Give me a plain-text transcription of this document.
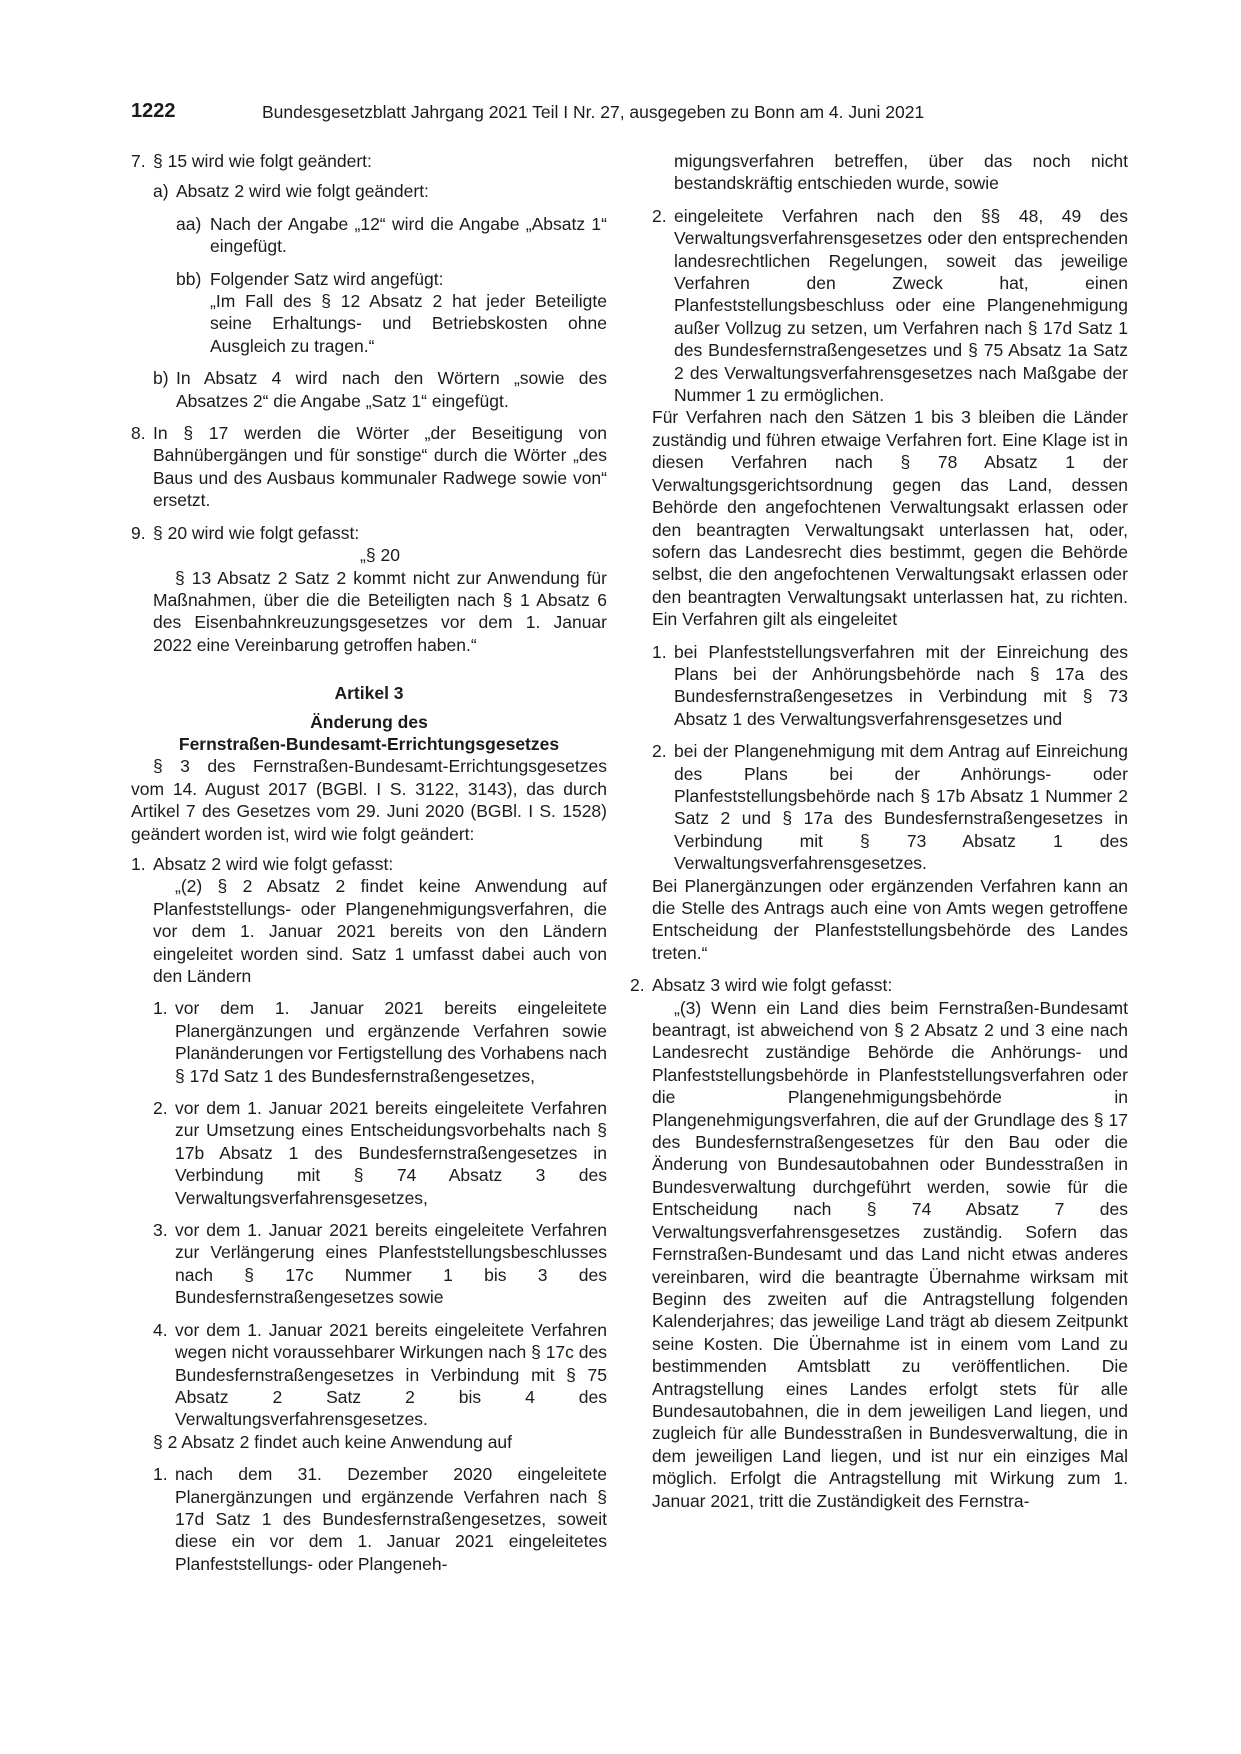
1222	Bundesgesetzblatt Jahrgang 2021 Teil I Nr. 27, ausgegeben zu Bonn am 4. Juni 2021
7. § 15 wird wie folgt geändert:

a) Absatz 2 wird wie folgt geändert:

aa) Nach der Angabe „12“ wird die Angabe „Absatz 1“ eingefügt.

bb) Folgender Satz wird angefügt:

„Im Fall des § 12 Absatz 2 hat jeder Beteiligte seine Erhaltungs- und Betriebskosten ohne Ausgleich zu tragen.“

b) In Absatz 4 wird nach den Wörtern „sowie des Absatzes 2“ die Angabe „Satz 1“ eingefügt.

8. In § 17 werden die Wörter „der Beseitigung von Bahnübergängen und für sonstige“ durch die Wörter „des Baus und des Ausbaus kommunaler Radwege sowie von“ ersetzt.

9. § 20 wird wie folgt gefasst:

„§ 20

§ 13 Absatz 2 Satz 2 kommt nicht zur Anwendung für Maßnahmen, über die die Beteiligten nach § 1 Absatz 6 des Eisenbahnkreuzungsgesetzes vor dem 1. Januar 2022 eine Vereinbarung getroffen haben.“

Artikel 3
Änderung des
Fernstraßen-Bundesamt-Errichtungsgesetzes

§ 3 des Fernstraßen-Bundesamt-Errichtungsgesetzes vom 14. August 2017 (BGBl. I S. 3122, 3143), das durch Artikel 7 des Gesetzes vom 29. Juni 2020 (BGBl. I S. 1528) geändert worden ist, wird wie folgt geändert:

1. Absatz 2 wird wie folgt gefasst:

„(2) § 2 Absatz 2 findet keine Anwendung auf Planfeststellungs- oder Plangenehmigungsverfahren, die vor dem 1. Januar 2021 bereits von den Ländern eingeleitet worden sind. Satz 1 umfasst dabei auch von den Ländern

1. vor dem 1. Januar 2021 bereits eingeleitete Planergänzungen und ergänzende Verfahren sowie Planänderungen vor Fertigstellung des Vorhabens nach § 17d Satz 1 des Bundesfernstraßengesetzes,

2. vor dem 1. Januar 2021 bereits eingeleitete Verfahren zur Umsetzung eines Entscheidungsvorbehalts nach § 17b Absatz 1 des Bundesfernstraßengesetzes in Verbindung mit § 74 Absatz 3 des Verwaltungsverfahrensgesetzes,

3. vor dem 1. Januar 2021 bereits eingeleitete Verfahren zur Verlängerung eines Planfeststellungsbeschlusses nach § 17c Nummer 1 bis 3 des Bundesfernstraßengesetzes sowie

4. vor dem 1. Januar 2021 bereits eingeleitete Verfahren wegen nicht voraussehbarer Wirkungen nach § 17c des Bundesfernstraßengesetzes in Verbindung mit § 75 Absatz 2 Satz 2 bis 4 des Verwaltungsverfahrensgesetzes.

§ 2 Absatz 2 findet auch keine Anwendung auf

1. nach dem 31. Dezember 2020 eingeleitete Planergänzungen und ergänzende Verfahren nach § 17d Satz 1 des Bundesfernstraßengesetzes, soweit diese ein vor dem 1. Januar 2021 eingeleitetes Planfeststellungs- oder Plangeneh-

migungsverfahren betreffen, über das noch nicht bestandskräftig entschieden wurde, sowie

2. eingeleitete Verfahren nach den §§ 48, 49 des Verwaltungsverfahrensgesetzes oder den entsprechenden landesrechtlichen Regelungen, soweit das jeweilige Verfahren den Zweck hat, einen Planfeststellungsbeschluss oder eine Plangenehmigung außer Vollzug zu setzen, um Verfahren nach § 17d Satz 1 des Bundesfernstraßengesetzes und § 75 Absatz 1a Satz 2 des Verwaltungsverfahrensgesetzes nach Maßgabe der Nummer 1 zu ermöglichen.

Für Verfahren nach den Sätzen 1 bis 3 bleiben die Länder zuständig und führen etwaige Verfahren fort. Eine Klage ist in diesen Verfahren nach § 78 Absatz 1 der Verwaltungsgerichtsordnung gegen das Land, dessen Behörde den angefochtenen Verwaltungsakt erlassen oder den beantragten Verwaltungsakt unterlassen hat, oder, sofern das Landesrecht dies bestimmt, gegen die Behörde selbst, die den angefochtenen Verwaltungsakt erlassen oder den beantragten Verwaltungsakt unterlassen hat, zu richten. Ein Verfahren gilt als eingeleitet

1. bei Planfeststellungsverfahren mit der Einreichung des Plans bei der Anhörungsbehörde nach § 17a des Bundesfernstraßengesetzes in Verbindung mit § 73 Absatz 1 des Verwaltungsverfahrensgesetzes und

2. bei der Plangenehmigung mit dem Antrag auf Einreichung des Plans bei der Anhörungs- oder Planfeststellungsbehörde nach § 17b Absatz 1 Nummer 2 Satz 2 und § 17a des Bundesfernstraßengesetzes in Verbindung mit § 73 Absatz 1 des Verwaltungsverfahrensgesetzes.

Bei Planergänzungen oder ergänzenden Verfahren kann an die Stelle des Antrags auch eine von Amts wegen getroffene Entscheidung der Planfeststellungsbehörde des Landes treten.“

2. Absatz 3 wird wie folgt gefasst:

„(3) Wenn ein Land dies beim Fernstraßen-Bundesamt beantragt, ist abweichend von § 2 Absatz 2 und 3 eine nach Landesrecht zuständige Behörde die Anhörungs- und Planfeststellungsbehörde in Planfeststellungsverfahren oder die Plangenehmigungsbehörde in Plangenehmigungsverfahren, die auf der Grundlage des § 17 des Bundesfernstraßengesetzes für den Bau oder die Änderung von Bundesautobahnen oder Bundesstraßen in Bundesverwaltung durchgeführt werden, sowie für die Entscheidung nach § 74 Absatz 7 des Verwaltungsverfahrensgesetzes zuständig. Sofern das Fernstraßen-Bundesamt und das Land nicht etwas anderes vereinbaren, wird die beantragte Übernahme wirksam mit Beginn des zweiten auf die Antragstellung folgenden Kalenderjahres; das jeweilige Land trägt ab diesem Zeitpunkt seine Kosten. Die Übernahme ist in einem vom Land zu bestimmenden Amtsblatt zu veröffentlichen. Die Antragstellung eines Landes erfolgt stets für alle Bundesautobahnen, die in dem jeweiligen Land liegen, und zugleich für alle Bundesstraßen in Bundesverwaltung, die in dem jeweiligen Land liegen, und ist nur ein einziges Mal möglich. Erfolgt die Antragstellung mit Wirkung zum 1. Januar 2021, tritt die Zuständigkeit des Fernstra-
